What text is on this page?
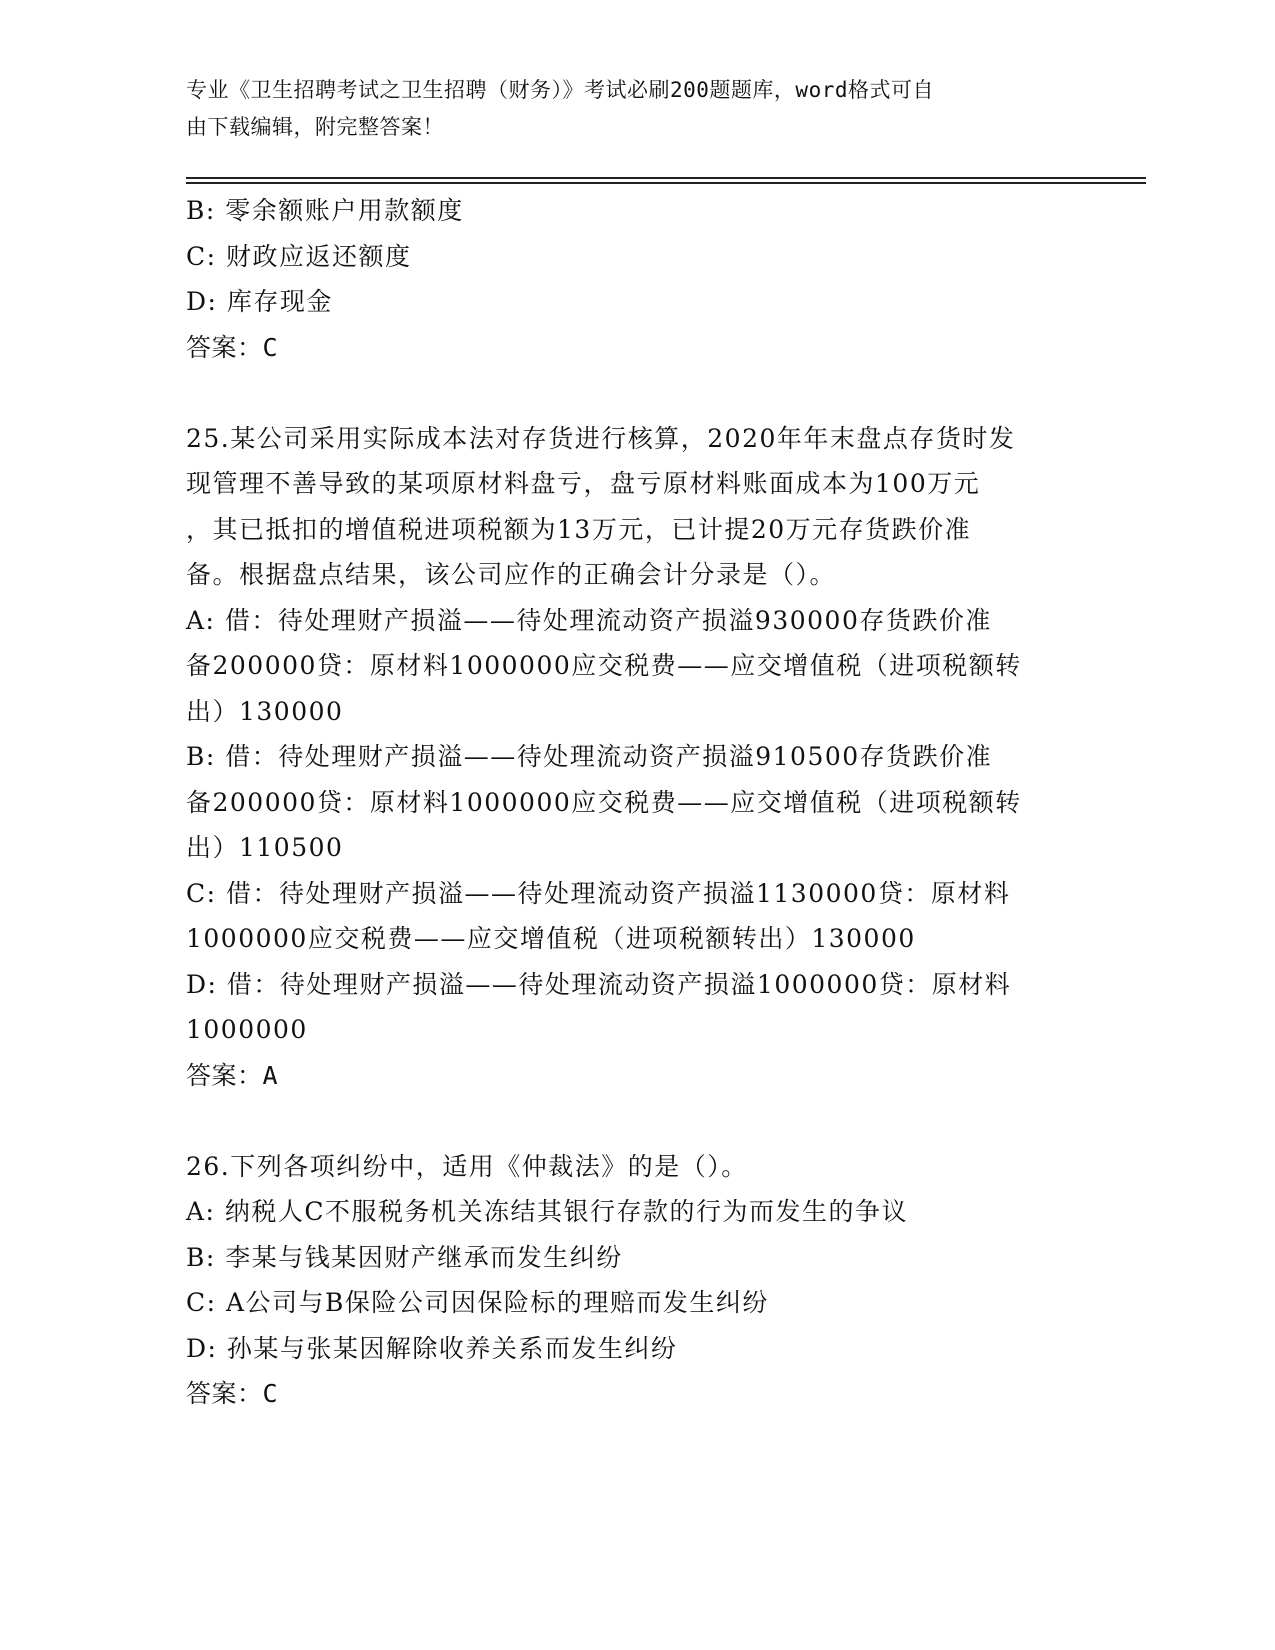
专业《卫生招聘考试之卫生招聘（财务）》考试必刷200题题库，word格式可自
由下载编辑，附完整答案！
B: 零余额账户用款额度
C: 财政应返还额度
D: 库存现金
答案：C
25.某公司采用实际成本法对存货进行核算，2020年年末盘点存货时发
现管理不善导致的某项原材料盘亏，盘亏原材料账面成本为100万元
，其已抵扣的增值税进项税额为13万元，已计提20万元存货跌价准
备。根据盘点结果，该公司应作的正确会计分录是（）。
A: 借：待处理财产损溢——待处理流动资产损溢930000存货跌价准
备200000贷：原材料1000000应交税费——应交增值税（进项税额转
出）130000
B: 借：待处理财产损溢——待处理流动资产损溢910500存货跌价准
备200000贷：原材料1000000应交税费——应交增值税（进项税额转
出）110500
C: 借：待处理财产损溢——待处理流动资产损溢1130000贷：原材料
1000000应交税费——应交增值税（进项税额转出）130000
D: 借：待处理财产损溢——待处理流动资产损溢1000000贷：原材料
1000000
答案：A
26.下列各项纠纷中，适用《仲裁法》的是（）。
A: 纳税人C不服税务机关冻结其银行存款的行为而发生的争议
B: 李某与钱某因财产继承而发生纠纷
C: A公司与B保险公司因保险标的理赔而发生纠纷
D: 孙某与张某因解除收养关系而发生纠纷
答案：C
